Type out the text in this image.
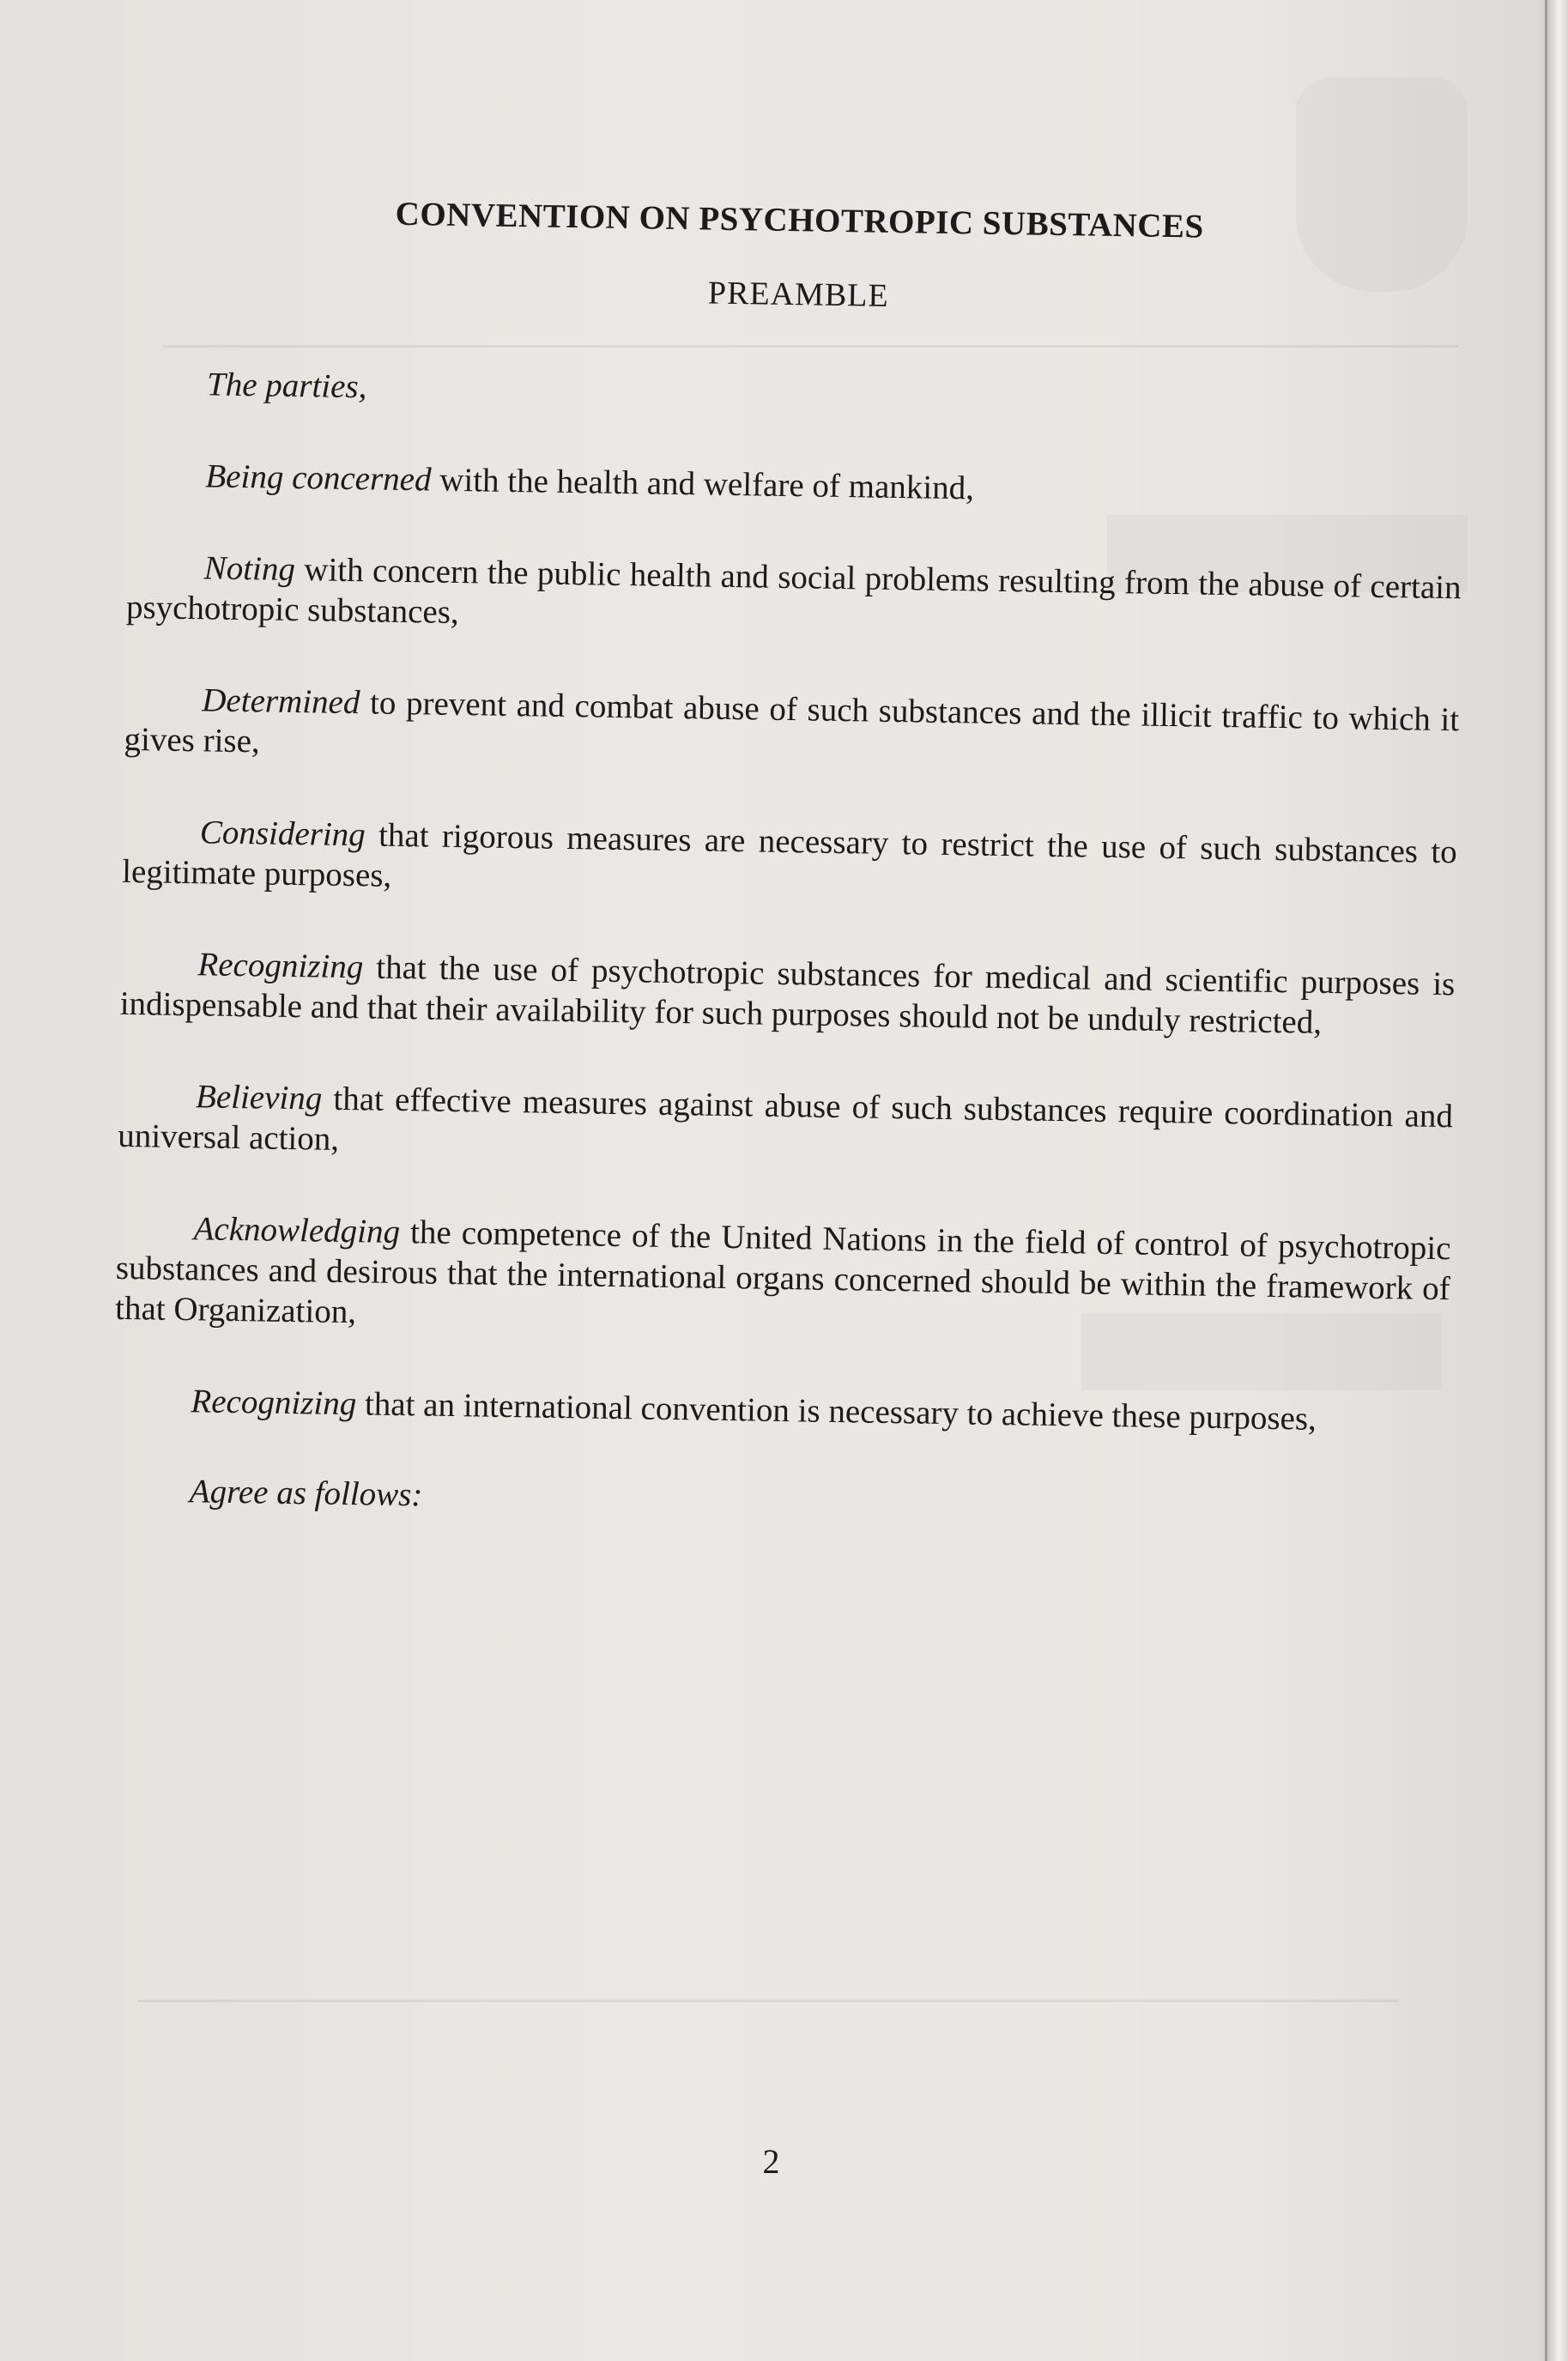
CONVENTION ON PSYCHOTROPIC SUBSTANCES
PREAMBLE

The parties,

Being concerned with the health and welfare of mankind,

Noting with concern the public health and social problems resulting from the abuse of certain psychotropic substances,

Determined to prevent and combat abuse of such substances and the illicit traffic to which it gives rise,

Considering that rigorous measures are necessary to restrict the use of such substances to legitimate purposes,

Recognizing that the use of psychotropic substances for medical and scientific purposes is indispensable and that their availability for such purposes should not be unduly restricted,

Believing that effective measures against abuse of such substances require coordination and universal action,

Acknowledging the competence of the United Nations in the field of control of psychotropic substances and desirous that the international organs concerned should be within the framework of that Organization,

Recognizing that an international convention is necessary to achieve these purposes,

Agree as follows:

2
